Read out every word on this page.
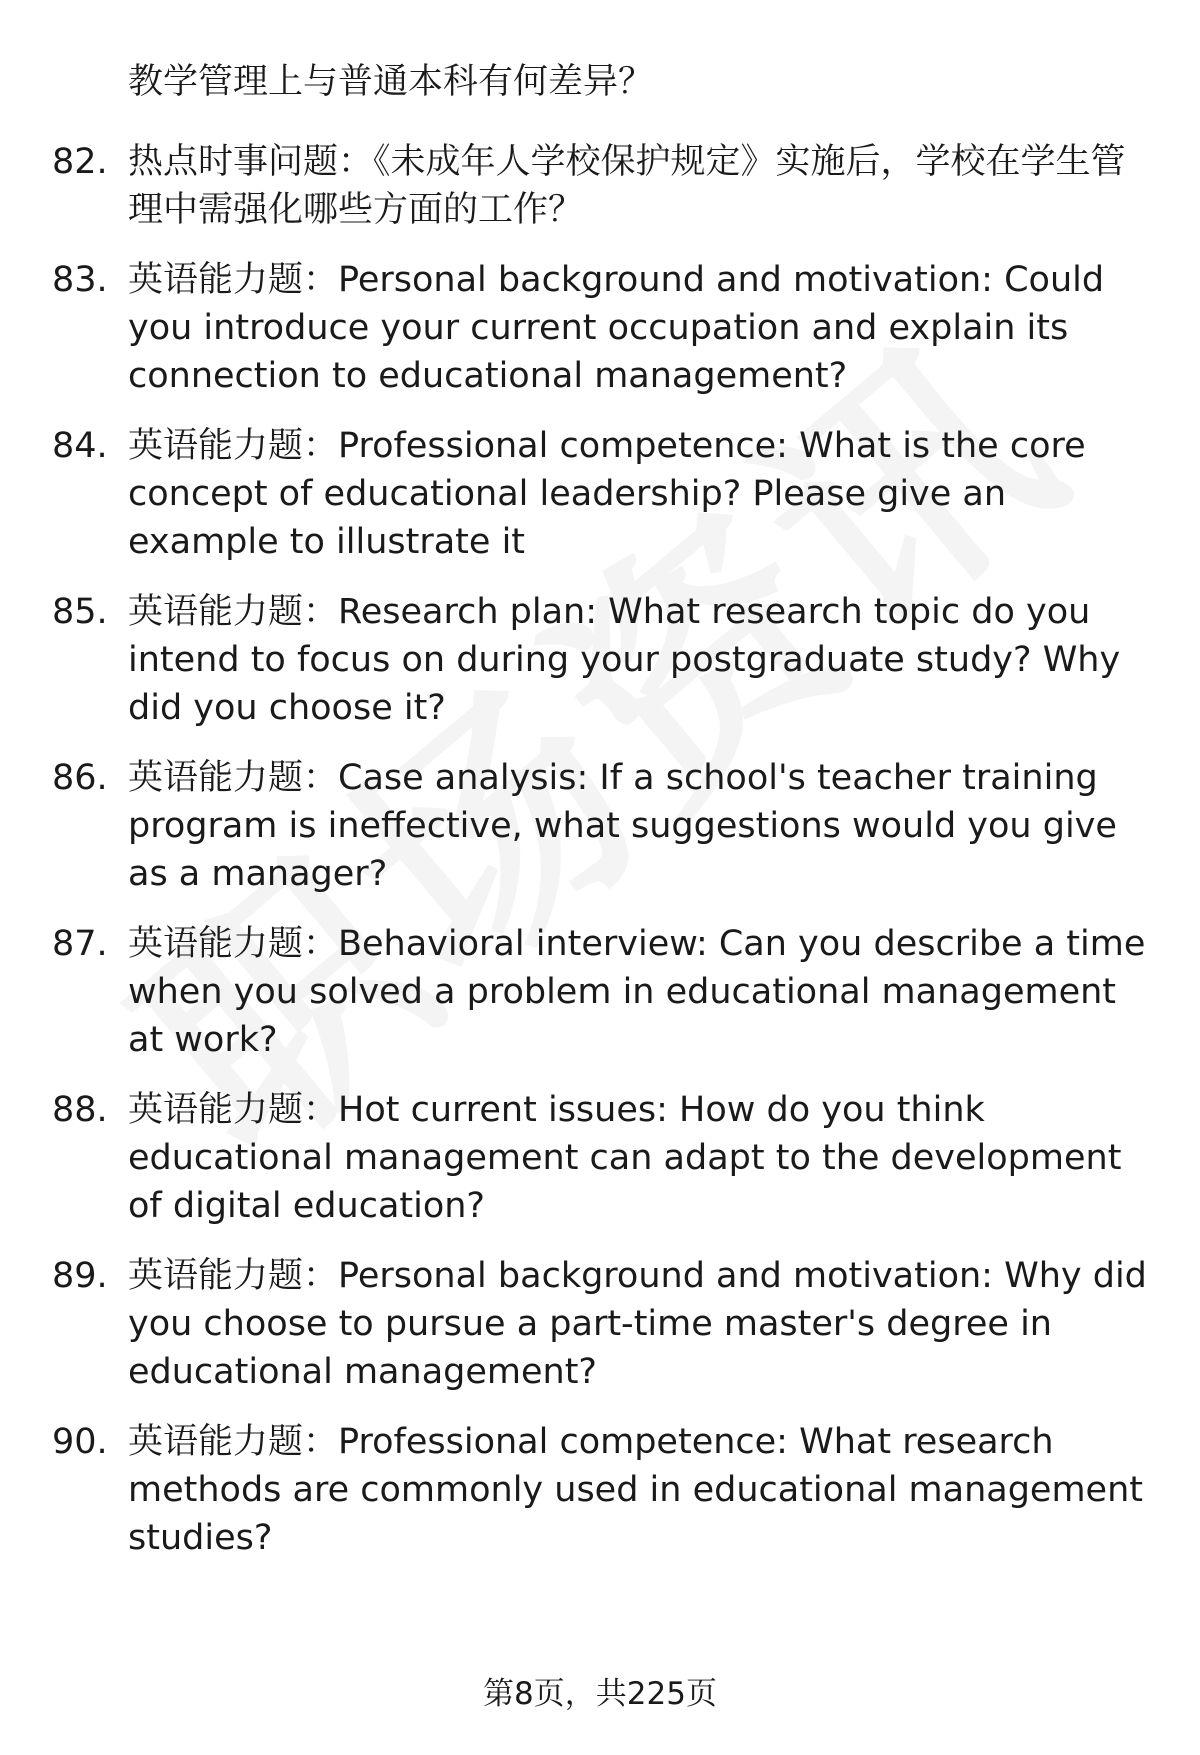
教学管理上与普通本科有何差异？

82. 热点时事问题：《未成年人学校保护规定》实施后，学校在学生管理中需强化哪些方面的工作？
83. 英语能力题：Personal background and motivation: Could you introduce your current occupation and explain its connection to educational management?
84. 英语能力题：Professional competence: What is the core concept of educational leadership? Please give an example to illustrate it
85. 英语能力题：Research plan: What research topic do you intend to focus on during your postgraduate study? Why did you choose it?
86. 英语能力题：Case analysis: If a school's teacher training program is ineffective, what suggestions would you give as a manager?
87. 英语能力题：Behavioral interview: Can you describe a time when you solved a problem in educational management at work?
88. 英语能力题：Hot current issues: How do you think educational management can adapt to the development of digital education?
89. 英语能力题：Personal background and motivation: Why did you choose to pursue a part-time master's degree in educational management?
90. 英语能力题：Professional competence: What research methods are commonly used in educational management studies?
第8页，共225页
